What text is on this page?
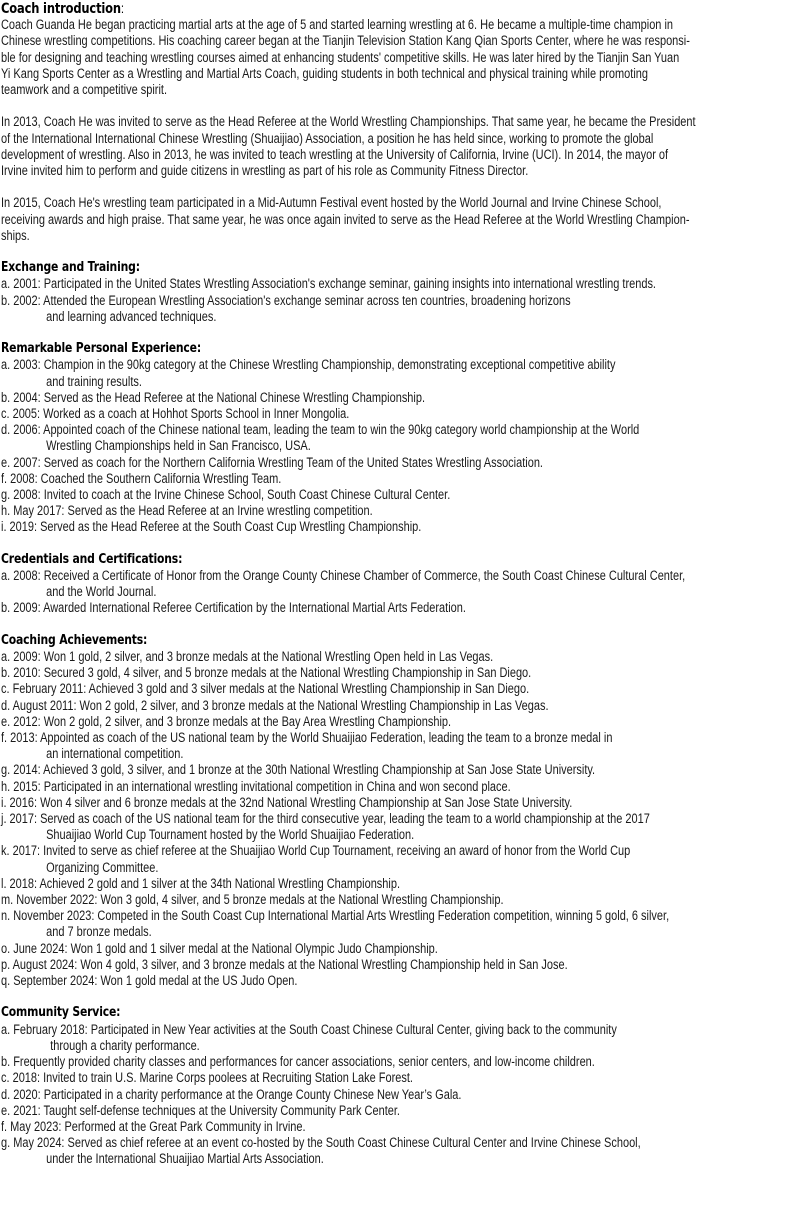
Coach introduction:
Coach Guanda He began practicing martial arts at the age of 5 and started learning wrestling at 6. He became a multiple-time champion in
Chinese wrestling competitions. His coaching career began at the Tianjin Television Station Kang Qian Sports Center, where he was responsi-
ble for designing and teaching wrestling courses aimed at enhancing students' competitive skills. He was later hired by the Tianjin San Yuan
Yi Kang Sports Center as a Wrestling and Martial Arts Coach, guiding students in both technical and physical training while promoting
teamwork and a competitive spirit.
In 2013, Coach He was invited to serve as the Head Referee at the World Wrestling Championships. That same year, he became the President
of the International International Chinese Wrestling (Shuaijiao) Association, a position he has held since, working to promote the global
development of wrestling. Also in 2013, he was invited to teach wrestling at the University of California, Irvine (UCI). In 2014, the mayor of
Irvine invited him to perform and guide citizens in wrestling as part of his role as Community Fitness Director.
In 2015, Coach He's wrestling team participated in a Mid-Autumn Festival event hosted by the World Journal and Irvine Chinese School,
receiving awards and high praise. That same year, he was once again invited to serve as the Head Referee at the World Wrestling Champion-
ships.
Exchange and Training:
a. 2001: Participated in the United States Wrestling Association's exchange seminar, gaining insights into international wrestling trends.
b. 2002: Attended the European Wrestling Association's exchange seminar across ten countries, broadening horizons
and learning advanced techniques.
Remarkable Personal Experience:
a. 2003: Champion in the 90kg category at the Chinese Wrestling Championship, demonstrating exceptional competitive ability
and training results.
b. 2004: Served as the Head Referee at the National Chinese Wrestling Championship.
c. 2005: Worked as a coach at Hohhot Sports School in Inner Mongolia.
d. 2006: Appointed coach of the Chinese national team, leading the team to win the 90kg category world championship at the World
Wrestling Championships held in San Francisco, USA.
e. 2007: Served as coach for the Northern California Wrestling Team of the United States Wrestling Association.
f. 2008: Coached the Southern California Wrestling Team.
g. 2008: Invited to coach at the Irvine Chinese School, South Coast Chinese Cultural Center.
h. May 2017: Served as the Head Referee at an Irvine wrestling competition.
i. 2019: Served as the Head Referee at the South Coast Cup Wrestling Championship.
Credentials and Certifications:
a. 2008: Received a Certificate of Honor from the Orange County Chinese Chamber of Commerce, the South Coast Chinese Cultural Center,
and the World Journal.
b. 2009: Awarded International Referee Certification by the International Martial Arts Federation.
Coaching Achievements:
a. 2009: Won 1 gold, 2 silver, and 3 bronze medals at the National Wrestling Open held in Las Vegas.
b. 2010: Secured 3 gold, 4 silver, and 5 bronze medals at the National Wrestling Championship in San Diego.
c. February 2011: Achieved 3 gold and 3 silver medals at the National Wrestling Championship in San Diego.
d. August 2011: Won 2 gold, 2 silver, and 3 bronze medals at the National Wrestling Championship in Las Vegas.
e. 2012: Won 2 gold, 2 silver, and 3 bronze medals at the Bay Area Wrestling Championship.
f. 2013: Appointed as coach of the US national team by the World Shuaijiao Federation, leading the team to a bronze medal in
an international competition.
g. 2014: Achieved 3 gold, 3 silver, and 1 bronze at the 30th National Wrestling Championship at San Jose State University.
h. 2015: Participated in an international wrestling invitational competition in China and won second place.
i. 2016: Won 4 silver and 6 bronze medals at the 32nd National Wrestling Championship at San Jose State University.
j. 2017: Served as coach of the US national team for the third consecutive year, leading the team to a world championship at the 2017
Shuaijiao World Cup Tournament hosted by the World Shuaijiao Federation.
k. 2017: Invited to serve as chief referee at the Shuaijiao World Cup Tournament, receiving an award of honor from the World Cup
Organizing Committee.
l. 2018: Achieved 2 gold and 1 silver at the 34th National Wrestling Championship.
m. November 2022: Won 3 gold, 4 silver, and 5 bronze medals at the National Wrestling Championship.
n. November 2023: Competed in the South Coast Cup International Martial Arts Wrestling Federation competition, winning 5 gold, 6 silver,
and 7 bronze medals.
o. June 2024: Won 1 gold and 1 silver medal at the National Olympic Judo Championship.
p. August 2024: Won 4 gold, 3 silver, and 3 bronze medals at the National Wrestling Championship held in San Jose.
q. September 2024: Won 1 gold medal at the US Judo Open.
Community Service:
a. February 2018: Participated in New Year activities at the South Coast Chinese Cultural Center, giving back to the community
through a charity performance.
b. Frequently provided charity classes and performances for cancer associations, senior centers, and low-income children.
c. 2018: Invited to train U.S. Marine Corps poolees at Recruiting Station Lake Forest.
d. 2020: Participated in a charity performance at the Orange County Chinese New Year’s Gala.
e. 2021: Taught self-defense techniques at the University Community Park Center.
f. May 2023: Performed at the Great Park Community in Irvine.
g. May 2024: Served as chief referee at an event co-hosted by the South Coast Chinese Cultural Center and Irvine Chinese School,
under the International Shuaijiao Martial Arts Association.
